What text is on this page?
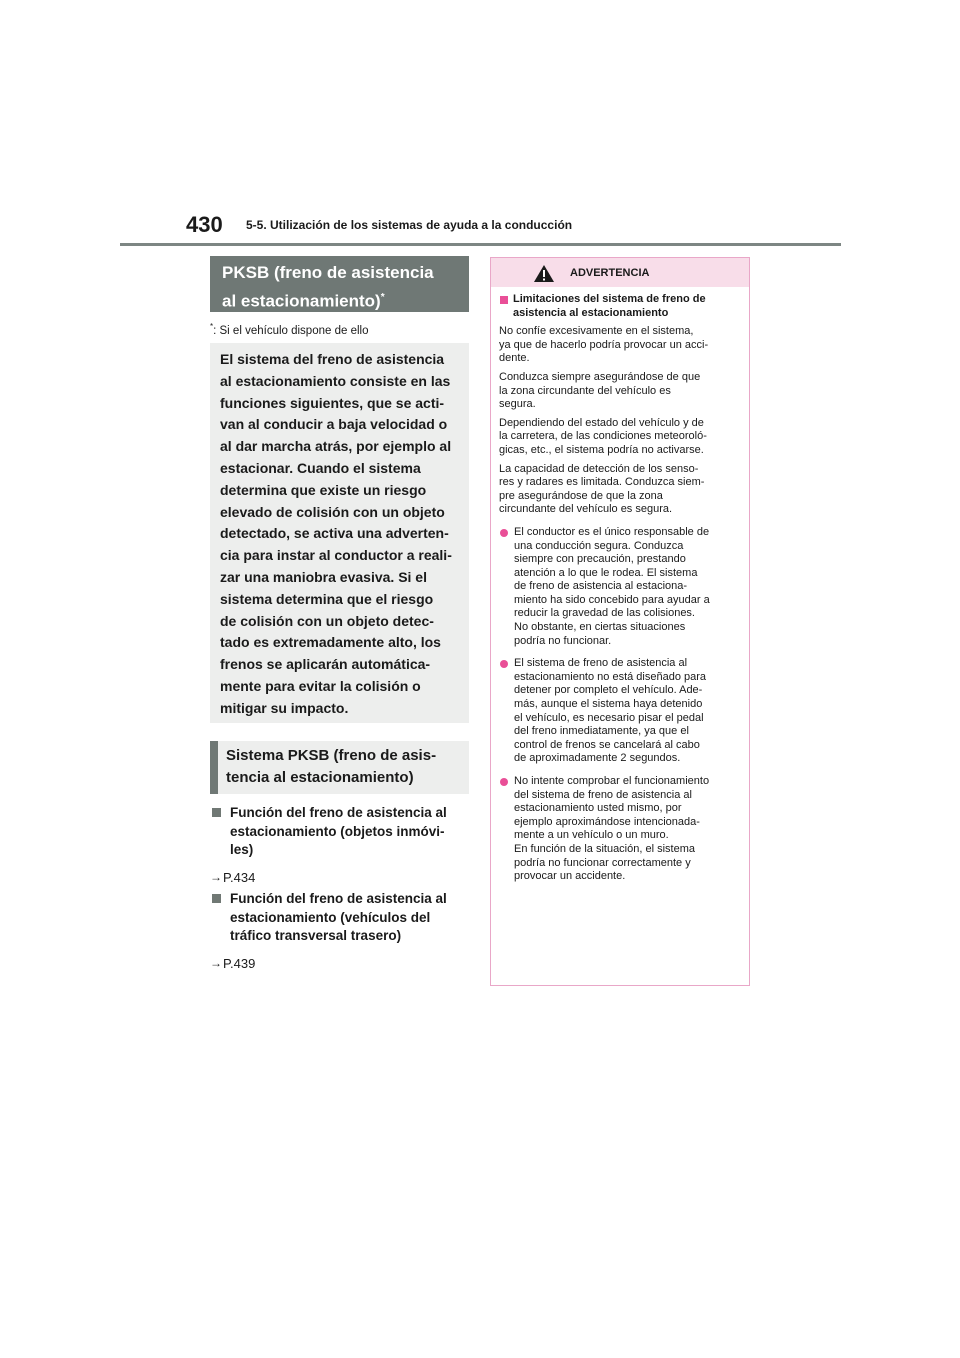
430 5-5. Utilización de los sistemas de ayuda a la conducción
PKSB (freno de asistencia
al estacionamiento)*
*: Si el vehículo dispone de ello
El sistema del freno de asistencia
al estacionamiento consiste en las
funciones siguientes, que se acti-
van al conducir a baja velocidad o
al dar marcha atrás, por ejemplo al
estacionar. Cuando el sistema
determina que existe un riesgo
elevado de colisión con un objeto
detectado, se activa una adverten-
cia para instar al conductor a reali-
zar una maniobra evasiva. Si el
sistema determina que el riesgo
de colisión con un objeto detec-
tado es extremadamente alto, los
frenos se aplicarán automática-
mente para evitar la colisión o
mitigar su impacto.
Sistema PKSB (freno de asis-
tencia al estacionamiento)
Función del freno de asistencia al
estacionamiento (objetos inmóvi-
les)
→ P.434
Función del freno de asistencia al
estacionamiento (vehículos del
tráfico transversal trasero)
→ P.439
ADVERTENCIA
Limitaciones del sistema de freno de
asistencia al estacionamiento

No confíe excesivamente en el sistema,
ya que de hacerlo podría provocar un acci-
dente.

Conduzca siempre asegurándose de que
la zona circundante del vehículo es
segura.

Dependiendo del estado del vehículo y de
la carretera, de las condiciones meteoroló-
gicas, etc., el sistema podría no activarse.

La capacidad de detección de los senso-
res y radares es limitada. Conduzca siem-
pre asegurándose de que la zona
circundante del vehículo es segura.

El conductor es el único responsable de
una conducción segura. Conduzca
siempre con precaución, prestando
atención a lo que le rodea. El sistema
de freno de asistencia al estaciona-
miento ha sido concebido para ayudar a
reducir la gravedad de las colisiones.
No obstante, en ciertas situaciones
podría no funcionar.
El sistema de freno de asistencia al
estacionamiento no está diseñado para
detener por completo el vehículo. Ade-
más, aunque el sistema haya detenido
el vehículo, es necesario pisar el pedal
del freno inmediatamente, ya que el
control de frenos se cancelará al cabo
de aproximadamente 2 segundos.
No intente comprobar el funcionamiento
del sistema de freno de asistencia al
estacionamiento usted mismo, por
ejemplo aproximándose intencionada-
mente a un vehículo o un muro.
En función de la situación, el sistema
podría no funcionar correctamente y
provocar un accidente.
